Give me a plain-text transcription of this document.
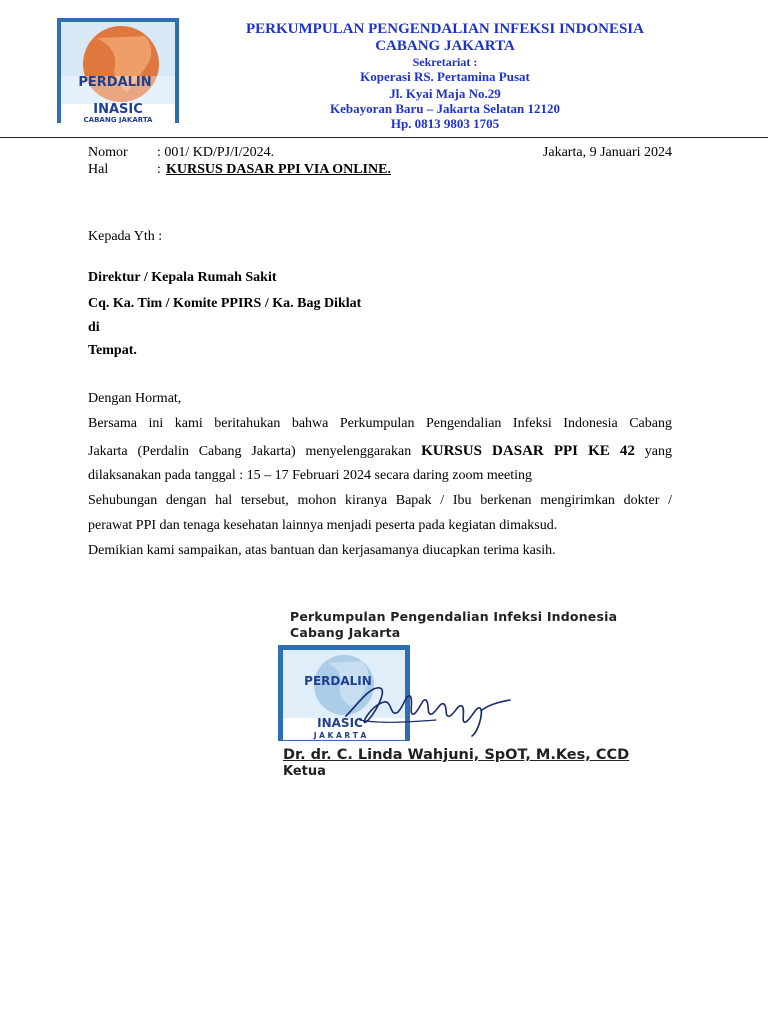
PERDALIN
INASIC
CABANG JAKARTA
PERKUMPULAN PENGENDALIAN INFEKSI INDONESIA
CABANG JAKARTA
Sekretariat :
Koperasi RS. Pertamina Pusat
Jl. Kyai Maja No.29
Kebayoran Baru – Jakarta Selatan 12120
Hp. 0813 9803 1705
Nomor : 001/ KD/PJ/I/2024.	Jakarta, 9 Januari 2024
Hal	: KURSUS DASAR PPI VIA ONLINE.
Kepada Yth :
Direktur / Kepala Rumah Sakit
Cq. Ka. Tim / Komite PPIRS / Ka. Bag Diklat
di
Tempat.
Dengan Hormat,
Bersama ini kami beritahukan bahwa Perkumpulan Pengendalian Infeksi Indonesia Cabang
Jakarta (Perdalin Cabang Jakarta) menyelenggarakan KURSUS DASAR PPI KE 42 yang
dilaksanakan pada tanggal : 15 – 17 Februari 2024 secara daring zoom meeting
Sehubungan dengan hal tersebut, mohon kiranya Bapak / Ibu berkenan mengirimkan dokter /
perawat PPI dan tenaga kesehatan lainnya menjadi peserta pada kegiatan dimaksud.
Demikian kami sampaikan, atas bantuan dan kerjasamanya diucapkan terima kasih.
Perkumpulan Pengendalian Infeksi Indonesia
Cabang Jakarta
PERDALIN
INASIC
J A K A R T A
Dr. dr. C. Linda Wahjuni, SpOT, M.Kes, CCD
Ketua
